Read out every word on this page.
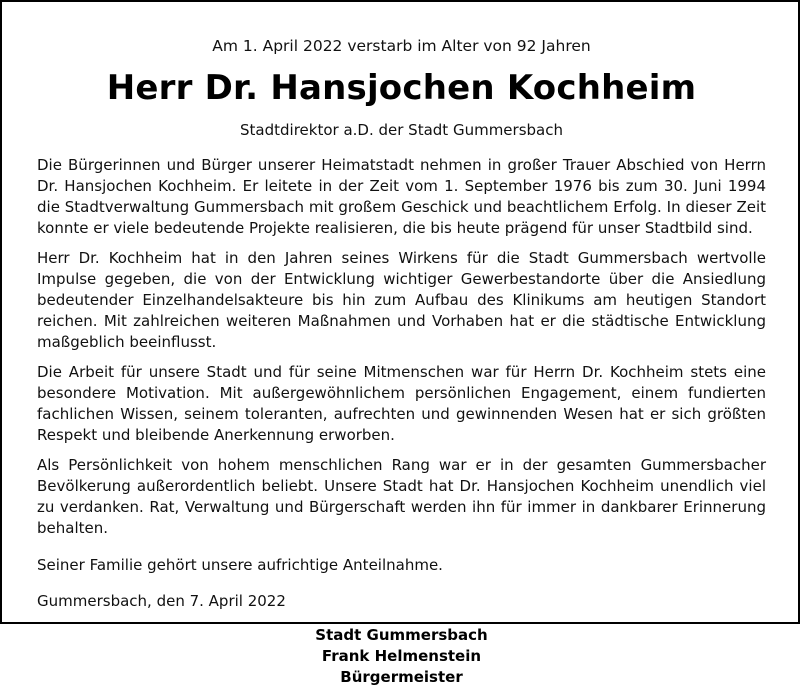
Am 1. April 2022 verstarb im Alter von 92 Jahren

Herr Dr. Hansjochen Kochheim

Stadtdirektor a.D. der Stadt Gummersbach

Die Bürgerinnen und Bürger unserer Heimatstadt nehmen in großer Trauer Abschied von Herrn Dr. Hansjochen Kochheim. Er leitete in der Zeit vom 1. September 1976 bis zum 30. Juni 1994 die Stadtverwaltung Gummersbach mit großem Geschick und beachtlichem Erfolg. In dieser Zeit konnte er viele bedeutende Projekte realisieren, die bis heute prägend für unser Stadtbild sind.

Herr Dr. Kochheim hat in den Jahren seines Wirkens für die Stadt Gummersbach wertvolle Impulse gegeben, die von der Entwicklung wichtiger Gewerbestandorte über die Ansiedlung bedeutender Einzelhandelsakteure bis hin zum Aufbau des Klinikums am heutigen Standort reichen. Mit zahlreichen weiteren Maßnahmen und Vorhaben hat er die städtische Entwicklung maßgeblich beeinflusst.

Die Arbeit für unsere Stadt und für seine Mitmenschen war für Herrn Dr. Kochheim stets eine besondere Motivation. Mit außergewöhnlichem persönlichen Engagement, einem fundierten fachlichen Wissen, seinem toleranten, aufrechten und gewinnenden Wesen hat er sich größten Respekt und bleibende Anerkennung erworben.

Als Persönlichkeit von hohem menschlichen Rang war er in der gesamten Gummersbacher Bevölkerung außerordentlich beliebt. Unsere Stadt hat Dr. Hansjochen Kochheim unendlich viel zu verdanken. Rat, Verwaltung und Bürgerschaft werden ihn für immer in dankbarer Erinnerung behalten.

Seiner Familie gehört unsere aufrichtige Anteilnahme.

Gummersbach, den 7. April 2022

Stadt Gummersbach
Frank Helmenstein
Bürgermeister
